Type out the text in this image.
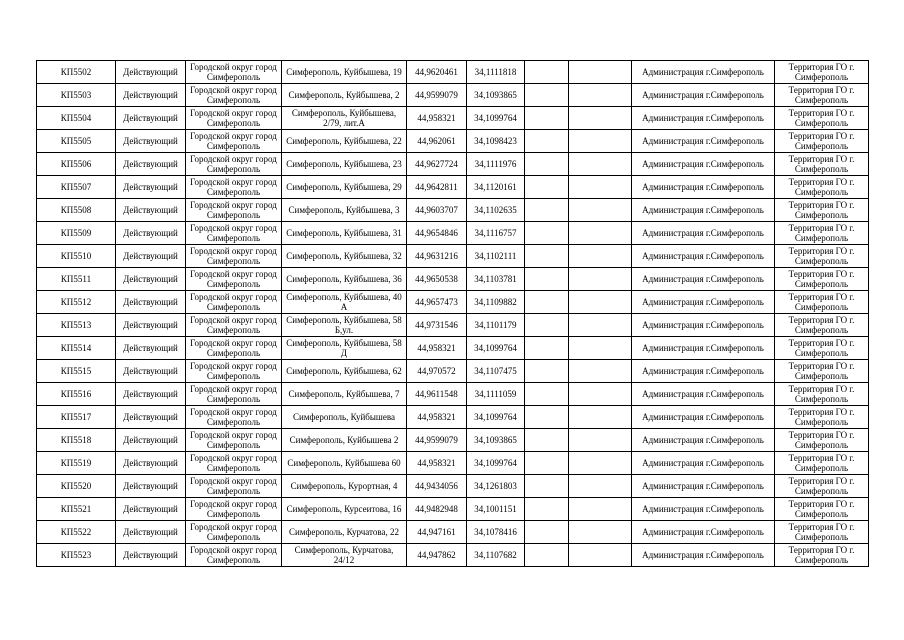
КП5502	Действующий	Городской округ город Симферополь	Симферополь, Куйбышева, 19	44,9620461	34,1111818			Администрация г.Симферополь	Территория ГО г. Симферополь
КП5503	Действующий	Городской округ город Симферополь	Симферополь, Куйбышева, 2	44,9599079	34,1093865			Администрация г.Симферополь	Территория ГО г. Симферополь
КП5504	Действующий	Городской округ город Симферополь	Симферополь, Куйбышева, 2/79, лит.А	44,958321	34,1099764			Администрация г.Симферополь	Территория ГО г. Симферополь
КП5505	Действующий	Городской округ город Симферополь	Симферополь, Куйбышева, 22	44,962061	34,1098423			Администрация г.Симферополь	Территория ГО г. Симферополь
КП5506	Действующий	Городской округ город Симферополь	Симферополь, Куйбышева, 23	44,9627724	34,1111976			Администрация г.Симферополь	Территория ГО г. Симферополь
КП5507	Действующий	Городской округ город Симферополь	Симферополь, Куйбышева, 29	44,9642811	34,1120161			Администрация г.Симферополь	Территория ГО г. Симферополь
КП5508	Действующий	Городской округ город Симферополь	Симферополь, Куйбышева, 3	44,9603707	34,1102635			Администрация г.Симферополь	Территория ГО г. Симферополь
КП5509	Действующий	Городской округ город Симферополь	Симферополь, Куйбышева, 31	44,9654846	34,1116757			Администрация г.Симферополь	Территория ГО г. Симферополь
КП5510	Действующий	Городской округ город Симферополь	Симферополь, Куйбышева, 32	44,9631216	34,1102111			Администрация г.Симферополь	Территория ГО г. Симферополь
КП5511	Действующий	Городской округ город Симферополь	Симферополь, Куйбышева, 36	44,9650538	34,1103781			Администрация г.Симферополь	Территория ГО г. Симферополь
КП5512	Действующий	Городской округ город Симферополь	Симферополь, Куйбышева, 40 А	44,9657473	34,1109882			Администрация г.Симферополь	Территория ГО г. Симферополь
КП5513	Действующий	Городской округ город Симферополь	Симферополь, Куйбышева, 58 Б,ул.	44,9731546	34,1101179			Администрация г.Симферополь	Территория ГО г. Симферополь
КП5514	Действующий	Городской округ город Симферополь	Симферополь, Куйбышева, 58 Д	44,958321	34,1099764			Администрация г.Симферополь	Территория ГО г. Симферополь
КП5515	Действующий	Городской округ город Симферополь	Симферополь, Куйбышева, 62	44,970572	34,1107475			Администрация г.Симферополь	Территория ГО г. Симферополь
КП5516	Действующий	Городской округ город Симферополь	Симферополь, Куйбышева, 7	44,9611548	34,1111059			Администрация г.Симферополь	Территория ГО г. Симферополь
КП5517	Действующий	Городской округ город Симферополь	Симферополь, Куйбышева	44,958321	34,1099764			Администрация г.Симферополь	Территория ГО г. Симферополь
КП5518	Действующий	Городской округ город Симферополь	Симферополь, Куйбышева 2	44,9599079	34,1093865			Администрация г.Симферополь	Территория ГО г. Симферополь
КП5519	Действующий	Городской округ город Симферополь	Симферополь, Куйбышева 60	44,958321	34,1099764			Администрация г.Симферополь	Территория ГО г. Симферополь
КП5520	Действующий	Городской округ город Симферополь	Симферополь, Курортная, 4	44,9434056	34,1261803			Администрация г.Симферополь	Территория ГО г. Симферополь
КП5521	Действующий	Городской округ город Симферополь	Симферополь, Курсеитова, 16	44,9482948	34,1001151			Администрация г.Симферополь	Территория ГО г. Симферополь
КП5522	Действующий	Городской округ город Симферополь	Симферополь, Курчатова, 22	44,947161	34,1078416			Администрация г.Симферополь	Территория ГО г. Симферополь
КП5523	Действующий	Городской округ город Симферополь	Симферополь, Курчатова, 24/12	44,947862	34,1107682			Администрация г.Симферополь	Территория ГО г. Симферополь
